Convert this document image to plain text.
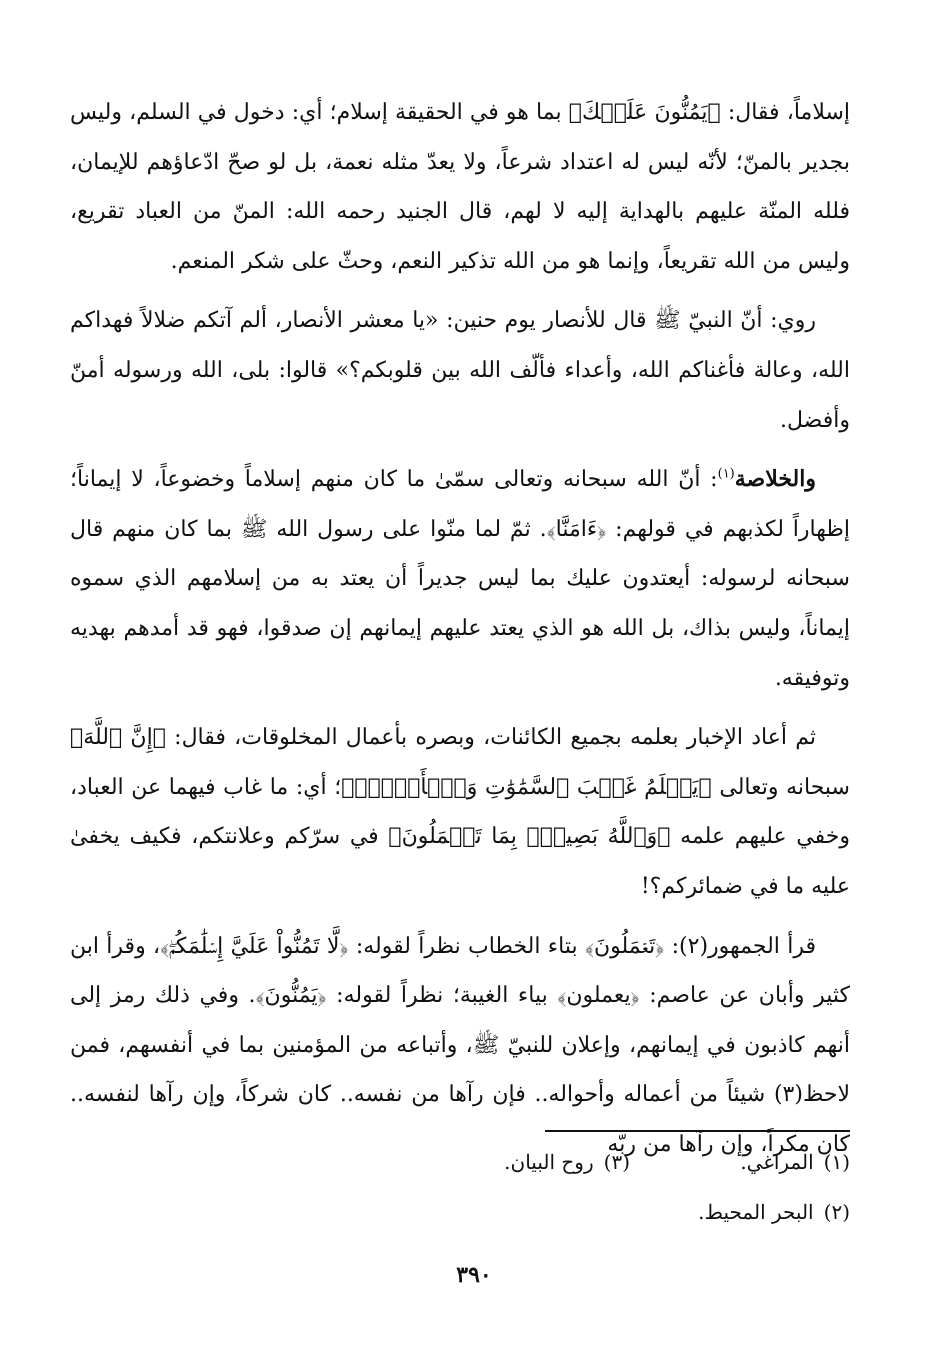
إسلاماً، فقال: ﴿يَمُنُّونَ عَلَيۡكَ﴾ بما هو في الحقيقة إسلام؛ أي: دخول في السلم، وليس بجدير بالمنّ؛ لأنّه ليس له اعتداد شرعاً، ولا يعدّ مثله نعمة، بل لو صحّ ادّعاؤهم للإيمان، فلله المنّة عليهم بالهداية إليه لا لهم، قال الجنيد رحمه الله: المنّ من العباد تقريع، وليس من الله تقريعاً، وإنما هو من الله تذكير النعم، وحثّ على شكر المنعم.

روي: أنّ النبيّ ﷺ قال للأنصار يوم حنين: «يا معشر الأنصار، ألم آتكم ضلالاً فهداكم الله، وعالة فأغناكم الله، وأعداء فألّف الله بين قلوبكم؟» قالوا: بلى، الله ورسوله أمنّ وأفضل.

والخلاصة$^{(١)}$: أنّ الله سبحانه وتعالى سمّىٰ ما كان منهم إسلاماً وخضوعاً، لا إيماناً؛ إظهاراً لكذبهم في قولهم: ﴿ءَامَنَّا﴾. ثمّ لما منّوا على رسول الله ﷺ بما كان منهم قال سبحانه لرسوله: أيعتدون عليك بما ليس جديراً أن يعتد به من إسلامهم الذي سموه إيماناً، وليس بذاك، بل الله هو الذي يعتد عليهم إيمانهم إن صدقوا، فهو قد أمدهم بهديه وتوفيقه.

ثم أعاد الإخبار بعلمه بجميع الكائنات، وبصره بأعمال المخلوقات، فقال: ﴿إِنَّ ٱللَّهَ﴾ سبحانه وتعالى ﴿يَعۡلَمُ غَيۡبَ ٱلسَّمَٰوَٰتِ وَٱلۡأَرۡضِۚ﴾؛ أي: ما غاب فيهما عن العباد، وخفي عليهم علمه ﴿وَٱللَّهُ بَصِيرُۢ بِمَا تَعۡمَلُونَ﴾ في سرّكم وعلانتكم، فكيف يخفىٰ عليه ما في ضمائركم؟!

قرأ الجمهور(٢): ﴿تَعۡمَلُونَ﴾ بتاء الخطاب نظراً لقوله: ﴿لَّا تَمُنُّواْ عَلَيَّ إِسۡلَٰمَكُمۖ﴾، وقرأ ابن كثير وأبان عن عاصم: ﴿يعملون﴾ بياء الغيبة؛ نظراً لقوله: ﴿يَمُنُّونَ﴾. وفي ذلك رمز إلى أنهم كاذبون في إيمانهم، وإعلان للنبيّ ﷺ، وأتباعه من المؤمنين بما في أنفسهم، فمن لاحظ(٣) شيئاً من أعماله وأحواله.. فإن رآها من نفسه.. كان شركاً، وإن رآها لنفسه.. كان مكراً، وإن رآها من ربّه

(١)المراغي.
(٣)روح البيان.
(٢)البحر المحيط.
٣٩٠
